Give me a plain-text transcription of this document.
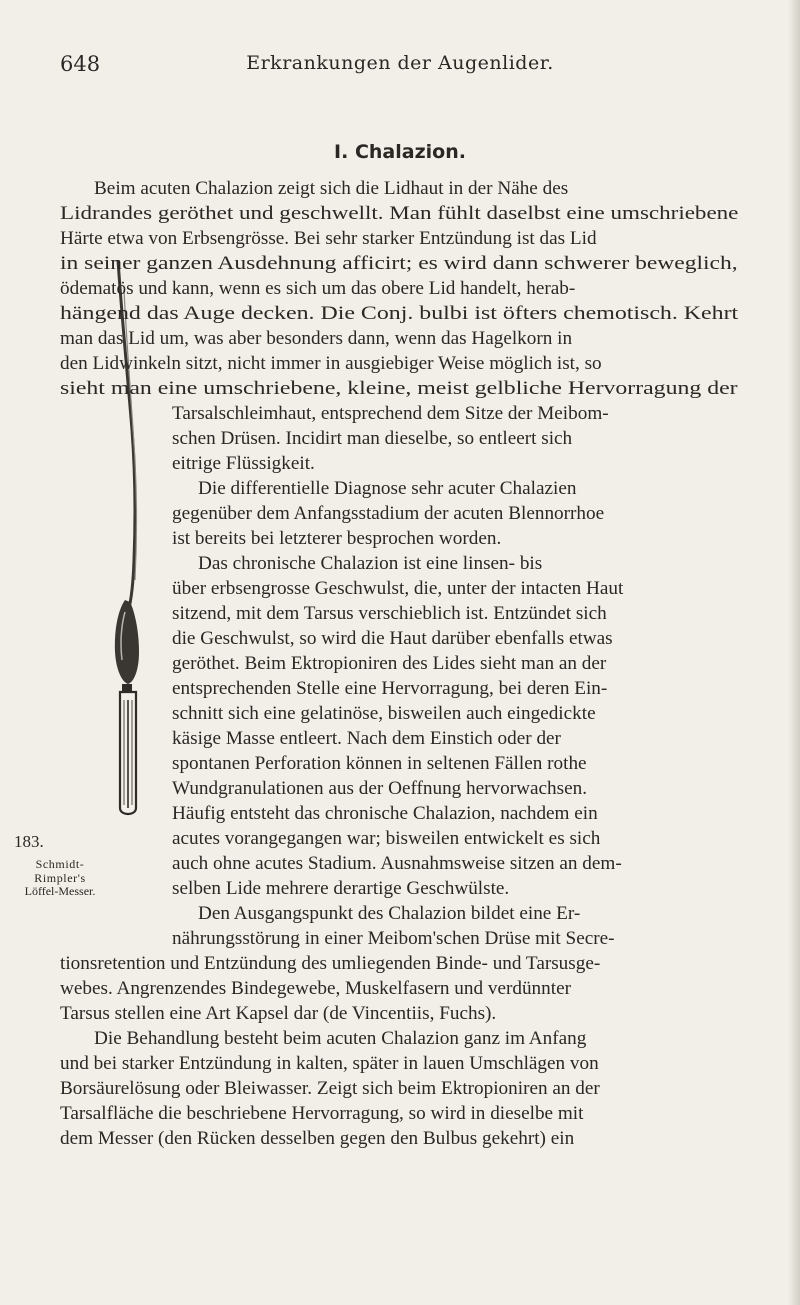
648	Erkrankungen der Augenlider.
I. Chalazion.
183.
Schmidt-
Rimpler's
Löffel-Messer.
Beim acuten Chalazion zeigt sich die Lidhaut in der Nähe des
Lidrandes geröthet und geschwellt. Man fühlt daselbst eine umschriebene
Härte etwa von Erbsengrösse. Bei sehr starker Entzündung ist das Lid
in seiner ganzen Ausdehnung afficirt; es wird dann schwerer beweglich,
ödematös und kann, wenn es sich um das obere Lid handelt, herab-
hängend das Auge decken. Die Conj. bulbi ist öfters chemotisch. Kehrt
man das Lid um, was aber besonders dann, wenn das Hagelkorn in
den Lidwinkeln sitzt, nicht immer in ausgiebiger Weise möglich ist, so
sieht man eine umschriebene, kleine, meist gelbliche Hervorragung der
Tarsalschleimhaut, entsprechend dem Sitze der Meibom-
schen Drüsen. Incidirt man dieselbe, so entleert sich
eitrige Flüssigkeit.
Die differentielle Diagnose sehr acuter Chalazien
gegenüber dem Anfangsstadium der acuten Blennorrhoe
ist bereits bei letzterer besprochen worden.
Das chronische Chalazion ist eine linsen- bis
über erbsengrosse Geschwulst, die, unter der intacten Haut
sitzend, mit dem Tarsus verschieblich ist. Entzündet sich
die Geschwulst, so wird die Haut darüber ebenfalls etwas
geröthet. Beim Ektropioniren des Lides sieht man an der
entsprechenden Stelle eine Hervorragung, bei deren Ein-
schnitt sich eine gelatinöse, bisweilen auch eingedickte
käsige Masse entleert. Nach dem Einstich oder der
spontanen Perforation können in seltenen Fällen rothe
Wundgranulationen aus der Oeffnung hervorwachsen.
Häufig entsteht das chronische Chalazion, nachdem ein
acutes vorangegangen war; bisweilen entwickelt es sich
auch ohne acutes Stadium. Ausnahmsweise sitzen an dem-
selben Lide mehrere derartige Geschwülste.
Den Ausgangspunkt des Chalazion bildet eine Er-
nährungsstörung in einer Meibom'schen Drüse mit Secre-
tionsretention und Entzündung des umliegenden Binde- und Tarsusge-
webes. Angrenzendes Bindegewebe, Muskelfasern und verdünnter
Tarsus stellen eine Art Kapsel dar (de Vincentiis, Fuchs).
Die Behandlung besteht beim acuten Chalazion ganz im Anfang
und bei starker Entzündung in kalten, später in lauen Umschlägen von
Borsäurelösung oder Bleiwasser. Zeigt sich beim Ektropioniren an der
Tarsalfläche die beschriebene Hervorragung, so wird in dieselbe mit
dem Messer (den Rücken desselben gegen den Bulbus gekehrt) ein
